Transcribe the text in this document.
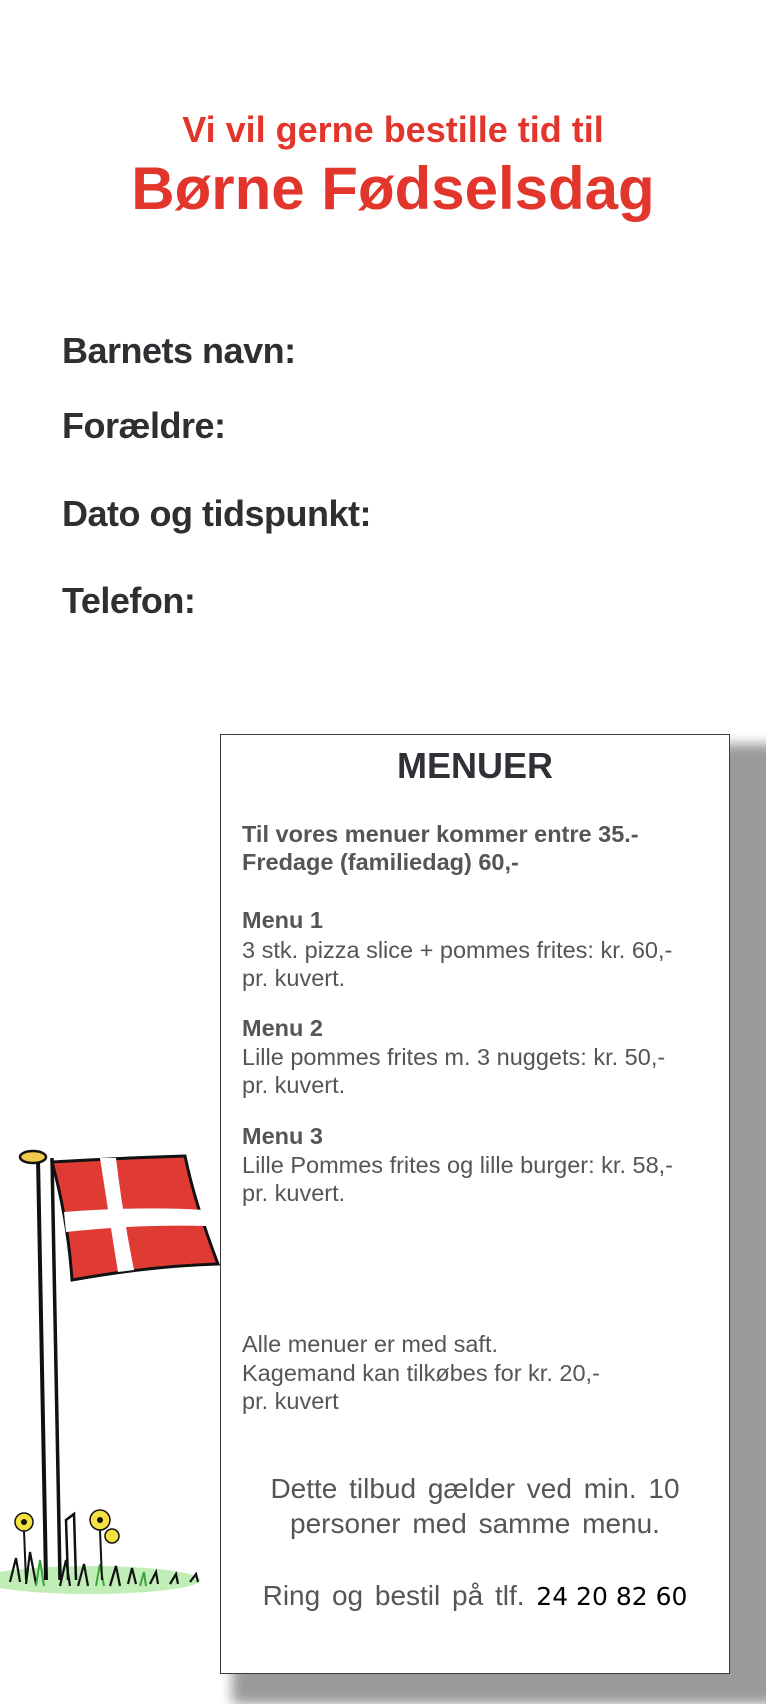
Vi vil gerne bestille tid til
Børne Fødselsdag
Barnets navn:
Forældre:
Dato og tidspunkt:
Telefon:
MENUER
Til vores menuer kommer entre 35.-
Fredage (familiedag) 60,-
Menu 1
3 stk. pizza slice + pommes frites: kr. 60,-
pr. kuvert.
Menu 2
Lille pommes frites m. 3 nuggets: kr. 50,-
pr. kuvert.
Menu 3
Lille Pommes frites og lille burger: kr. 58,-
pr. kuvert.
Alle menuer er med saft.
Kagemand kan tilkøbes for kr. 20,-
pr. kuvert
Dette tilbud gælder ved min. 10
personer med samme menu.
Ring og bestil på tlf. 24 20 82 60
